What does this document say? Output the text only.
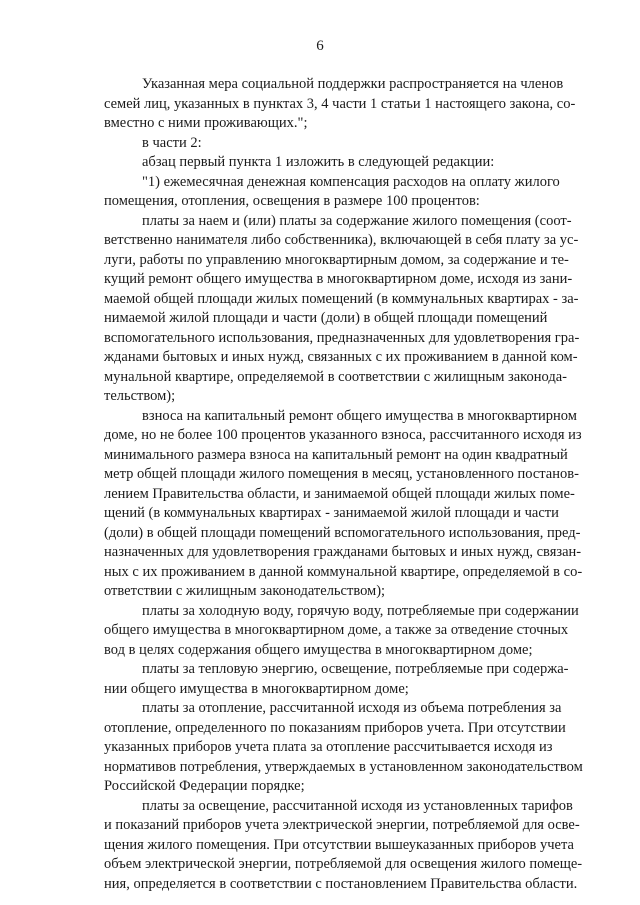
6
Указанная мера социальной поддержки распространяется на членов
семей лиц, указанных в пунктах 3, 4 части 1 статьи 1 настоящего закона, со-
вместно с ними проживающих.";
в части 2:
абзац первый пункта 1 изложить в следующей редакции:
"1) ежемесячная денежная компенсация расходов на оплату жилого
помещения, отопления, освещения в размере 100 процентов:
платы за наем и (или) платы за содержание жилого помещения (соот-
ветственно нанимателя либо собственника), включающей в себя плату за ус-
луги, работы по управлению многоквартирным домом, за содержание и те-
кущий ремонт общего имущества в многоквартирном доме, исходя из зани-
маемой общей площади жилых помещений (в коммунальных квартирах - за-
нимаемой жилой площади и части (доли) в общей площади помещений
вспомогательного использования, предназначенных для удовлетворения гра-
жданами бытовых и иных нужд, связанных с их проживанием в данной ком-
мунальной квартире, определяемой в соответствии с жилищным законода-
тельством);
взноса на капитальный ремонт общего имущества в многоквартирном
доме, но не более 100 процентов указанного взноса, рассчитанного исходя из
минимального размера взноса на капитальный ремонт на один квадратный
метр общей площади жилого помещения в месяц, установленного постанов-
лением Правительства области, и занимаемой общей площади жилых поме-
щений (в коммунальных квартирах - занимаемой жилой площади и части
(доли) в общей площади помещений вспомогательного использования, пред-
назначенных для удовлетворения гражданами бытовых и иных нужд, связан-
ных с их проживанием в данной коммунальной квартире, определяемой в со-
ответствии с жилищным законодательством);
платы за холодную воду, горячую воду, потребляемые при содержании
общего имущества в многоквартирном доме, а также за отведение сточных
вод в целях содержания общего имущества в многоквартирном доме;
платы за тепловую энергию, освещение, потребляемые при содержа-
нии общего имущества в многоквартирном доме;
платы за отопление, рассчитанной исходя из объема потребления за
отопление, определенного по показаниям приборов учета. При отсутствии
указанных приборов учета плата за отопление рассчитывается исходя из
нормативов потребления, утверждаемых в установленном законодательством
Российской Федерации порядке;
платы за освещение, рассчитанной исходя из установленных тарифов
и показаний приборов учета электрической энергии, потребляемой для осве-
щения жилого помещения. При отсутствии вышеуказанных приборов учета
объем электрической энергии, потребляемой для освещения жилого помеще-
ния, определяется в соответствии с постановлением Правительства области.
